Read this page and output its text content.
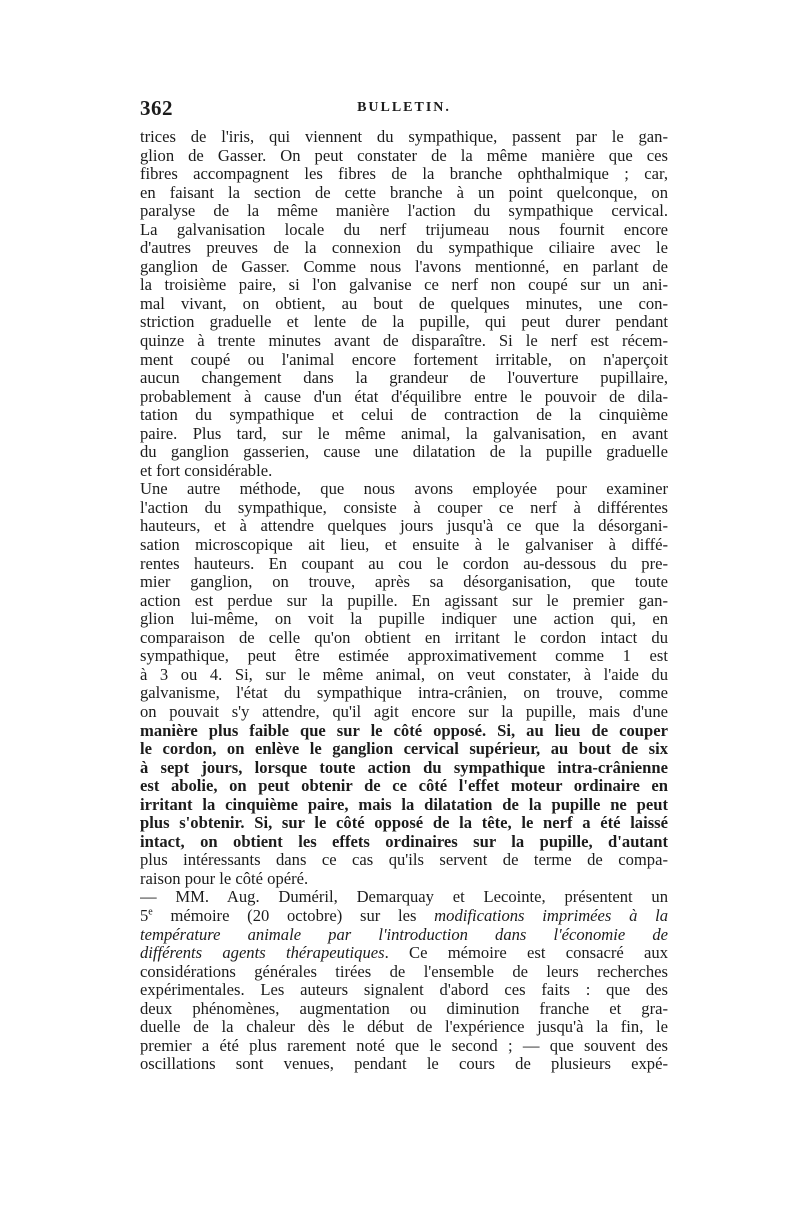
362	BULLETIN.
trices de l'iris, qui viennent du sympathique, passent par le gan-
glion de Gasser. On peut constater de la même manière que ces
fibres accompagnent les fibres de la branche ophthalmique ; car,
en faisant la section de cette branche à un point quelconque, on
paralyse de la même manière l'action du sympathique cervical.
La galvanisation locale du nerf trijumeau nous fournit encore
d'autres preuves de la connexion du sympathique ciliaire avec le
ganglion de Gasser. Comme nous l'avons mentionné, en parlant de
la troisième paire, si l'on galvanise ce nerf non coupé sur un ani-
mal vivant, on obtient, au bout de quelques minutes, une con-
striction graduelle et lente de la pupille, qui peut durer pendant
quinze à trente minutes avant de disparaître. Si le nerf est récem-
ment coupé ou l'animal encore fortement irritable, on n'aperçoit
aucun changement dans la grandeur de l'ouverture pupillaire,
probablement à cause d'un état d'équilibre entre le pouvoir de dila-
tation du sympathique et celui de contraction de la cinquième
paire. Plus tard, sur le même animal, la galvanisation, en avant
du ganglion gasserien, cause une dilatation de la pupille graduelle
et fort considérable.
Une autre méthode, que nous avons employée pour examiner
l'action du sympathique, consiste à couper ce nerf à différentes
hauteurs, et à attendre quelques jours jusqu'à ce que la désorgani-
sation microscopique ait lieu, et ensuite à le galvaniser à diffé-
rentes hauteurs. En coupant au cou le cordon au-dessous du pre-
mier ganglion, on trouve, après sa désorganisation, que toute
action est perdue sur la pupille. En agissant sur le premier gan-
glion lui-même, on voit la pupille indiquer une action qui, en
comparaison de celle qu'on obtient en irritant le cordon intact du
sympathique, peut être estimée approximativement comme 1 est
à 3 ou 4. Si, sur le même animal, on veut constater, à l'aide du
galvanisme, l'état du sympathique intra-crânien, on trouve, comme
on pouvait s'y attendre, qu'il agit encore sur la pupille, mais d'une
manière plus faible que sur le côté opposé. Si, au lieu de couper
le cordon, on enlève le ganglion cervical supérieur, au bout de six
à sept jours, lorsque toute action du sympathique intra-crânienne
est abolie, on peut obtenir de ce côté l'effet moteur ordinaire en
irritant la cinquième paire, mais la dilatation de la pupille ne peut
plus s'obtenir. Si, sur le côté opposé de la tête, le nerf a été laissé
intact, on obtient les effets ordinaires sur la pupille, d'autant
plus intéressants dans ce cas qu'ils servent de terme de compa-
raison pour le côté opéré.
— MM. Aug. Duméril, Demarquay et Lecointe, présentent un
5e mémoire (20 octobre) sur les modifications imprimées à la
température animale par l'introduction dans l'économie de
différents agents thérapeutiques. Ce mémoire est consacré aux
considérations générales tirées de l'ensemble de leurs recherches
expérimentales. Les auteurs signalent d'abord ces faits : que des
deux phénomènes, augmentation ou diminution franche et gra-
duelle de la chaleur dès le début de l'expérience jusqu'à la fin, le
premier a été plus rarement noté que le second ; — que souvent des
oscillations sont venues, pendant le cours de plusieurs expé-
